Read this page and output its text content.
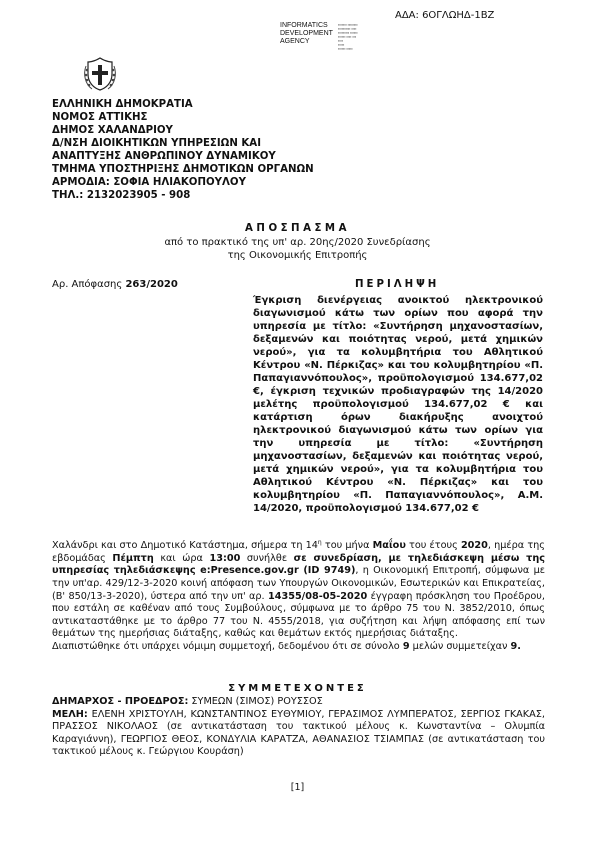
ΑΔΑ: 6ΟΓΛΩΗΔ-1ΒΖ
INFORMATICS
DEVELOPMENT
AGENCY
▪▪▪▪▪▪▪ ▪▪▪▪▪▪▪▪
▪▪▪▪▪▪▪▪▪▪ ▪▪▪▪
▪▪▪▪▪▪▪▪▪ ▪▪▪▪▪▪
▪▪▪▪▪▪ ▪▪▪▪ ▪▪▪
▪▪▪▪
▪▪▪▪▪
▪▪▪▪▪▪ ▪▪▪▪▪
ΕΛΛΗΝΙΚΗ ΔΗΜΟΚΡΑΤΙΑ
ΝΟΜΟΣ ΑΤΤΙΚΗΣ
ΔΗΜΟΣ ΧΑΛΑΝΔΡΙΟΥ
Δ/ΝΣΗ ΔΙΟΙΚΗΤΙΚΩΝ ΥΠΗΡΕΣΙΩΝ ΚΑΙ
ΑΝΑΠΤΥΞΗΣ ΑΝΘΡΩΠΙΝΟΥ ΔΥΝΑΜΙΚΟΥ
ΤΜΗΜΑ ΥΠΟΣΤΗΡΙΞΗΣ ΔΗΜΟΤΙΚΩΝ ΟΡΓΑΝΩΝ
ΑΡΜΟΔΙΑ: ΣΟΦΙΑ ΗΛΙΑΚΟΠΟΥΛΟΥ
ΤΗΛ.: 2132023905 - 908
ΑΠΟΣΠΑΣΜΑ
από το πρακτικό της υπ' αρ. 20ης/2020 Συνεδρίασης
της Οικονομικής Επιτροπής
Αρ. Απόφασης 263/2020	ΠΕΡΙΛΗΨΗ
Έγκριση διενέργειας ανοικτού ηλεκτρονικού διαγωνισμού κάτω των ορίων που αφορά την υπηρεσία με τίτλο: «Συντήρηση μηχανοστασίων, δεξαμενών και ποιότητας νερού, μετά χημικών νερού», για τα κολυμβητήρια του Αθλητικού Κέντρου «Ν. Πέρκιζας» και του κολυμβητηρίου «Π. Παπαγιαννόπουλος», προϋπολογισμού 134.677,02 €, έγκριση τεχνικών προδιαγραφών της 14/2020 μελέτης προϋπολογισμού 134.677,02 € και κατάρτιση όρων διακήρυξης ανοιχτού ηλεκτρονικού διαγωνισμού κάτω των ορίων για την υπηρεσία με τίτλο: «Συντήρηση μηχανοστασίων, δεξαμενών και ποιότητας νερού, μετά χημικών νερού», για τα κολυμβητήρια του Αθλητικού Κέντρου «Ν. Πέρκιζας» και του κολυμβητηρίου «Π. Παπαγιαννόπουλος», Α.Μ. 14/2020, προϋπολογισμού 134.677,02 €
Χαλάνδρι και στο Δημοτικό Κατάστημα, σήμερα τη $14^\eta$ του μήνα Μαΐου του έτους 2020, ημέρα της εβδομάδας Πέμπτη και ώρα 13:00 συνήλθε σε συνεδρίαση, με τηλεδιάσκεψη μέσω της υπηρεσίας τηλεδιάσκεψης e:Presence.gov.gr (ID 9749), η Οικονομική Επιτροπή, σύμφωνα με την υπ'αρ. 429/12-3-2020 κοινή απόφαση των Υπουργών Οικονομικών, Εσωτερικών και Επικρατείας, (Β' 850/13-3-2020), ύστερα από την υπ' αρ. 14355/08-05-2020 έγγραφη πρόσκληση του Προέδρου, που εστάλη σε καθέναν από τους Συμβούλους, σύμφωνα με το άρθρο 75 του Ν. 3852/2010, όπως αντικαταστάθηκε με το άρθρο 77 του Ν. 4555/2018, για συζήτηση και λήψη απόφασης επί των θεμάτων της ημερήσιας διάταξης, καθώς και θεμάτων εκτός ημερήσιας διάταξης.
Διαπιστώθηκε ότι υπάρχει νόμιμη συμμετοχή, δεδομένου ότι σε σύνολο 9 μελών συμμετείχαν 9.
ΣΥΜΜΕΤΕΧΟΝΤΕΣ
ΔΗΜΑΡΧΟΣ - ΠΡΟΕΔΡΟΣ: ΣΥΜΕΩΝ (ΣΙΜΟΣ) ΡΟΥΣΣΟΣ
ΜΕΛΗ: ΕΛΕΝΗ ΧΡΙΣΤΟΥΛΗ, ΚΩΝΣΤΑΝΤΙΝΟΣ ΕΥΘΥΜΙΟΥ, ΓΕΡΑΣΙΜΟΣ ΛΥΜΠΕΡΑΤΟΣ, ΣΕΡΓΙΟΣ ΓΚΑΚΑΣ, ΠΡΑΣΣΟΣ ΝΙΚΟΛΑΟΣ (σε αντικατάσταση του τακτικού μέλους κ. Κωνσταντίνα – Ολυμπία Καραγιάννη), ΓΕΩΡΓΙΟΣ ΘΕΟΣ, ΚΟΝΔΥΛΙΑ ΚΑΡΑΤΖΑ, ΑΘΑΝΑΣΙΟΣ ΤΣΙΑΜΠΑΣ (σε αντικατάσταση του τακτικού μέλους κ. Γεώργιου Κουράση)
[1]
